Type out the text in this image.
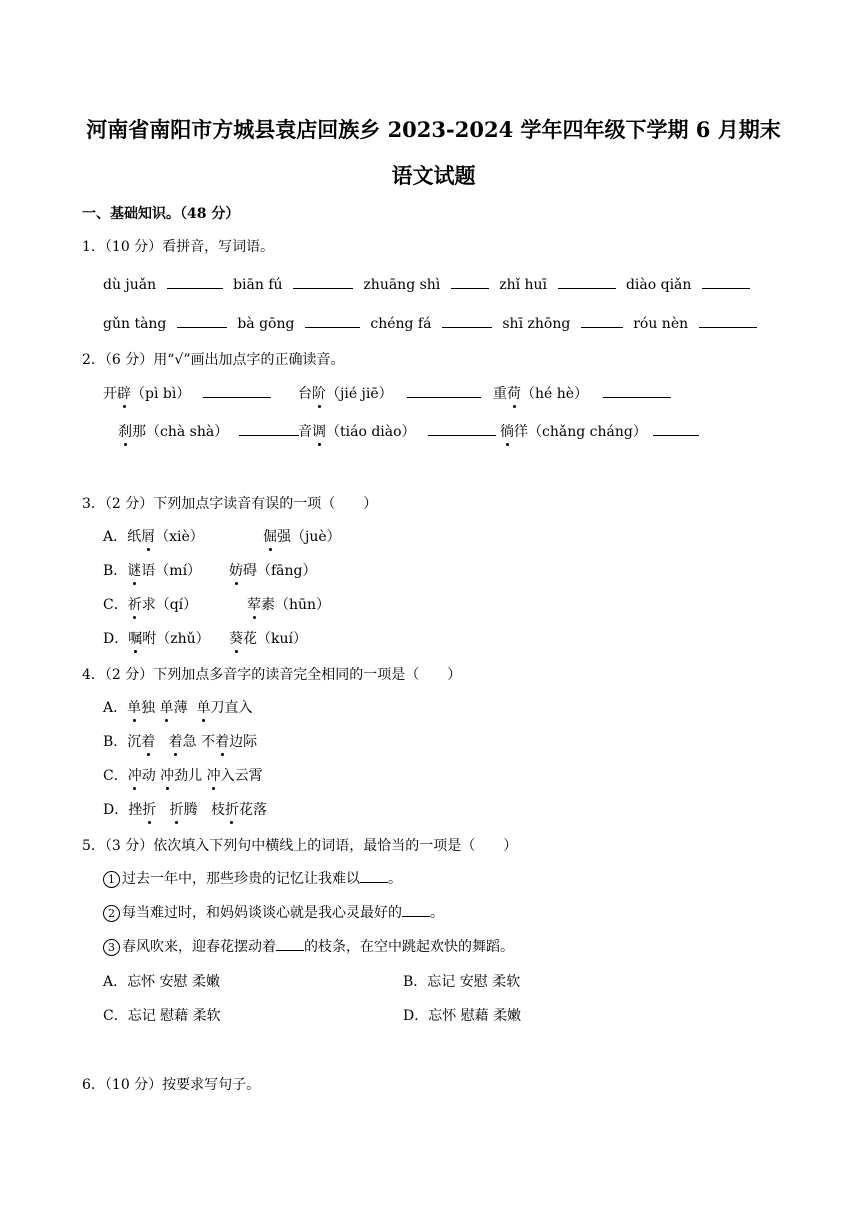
河南省南阳市方城县袁店回族乡 2023-2024 学年四年级下学期 6 月期末
语文试题
一、基础知识。（48 分）
1．（10 分）看拼音，写词语。
dù juǎn	biān fú	zhuāng shì	zhǐ huī	diào qiǎn
gǔn tàng	bà gōng	chéng fá	shī zhōng	róu nèn
2．（6 分）用“√”画出加点字的正确读音。
开辟（pì bì）	台阶（jié jiē）	重荷（hé hè）
刹那（chà shà）	音调（tiáo diào）	徜徉（chǎng cháng）
3．（2 分）下列加点字读音有误的一项（　　）
A．纸屑（xiè）	倔强（juè）
B．谜语（mí） 妨碍（fāng）
C．祈求（qí）	荤素（hūn）
D．嘱咐（zhǔ） 葵花（kuí）
4．（2 分）下列加点多音字的读音完全相同的一项是（　　）
A．单独 单薄 单刀直入
B．沉着 着急 不着边际
C．冲动 冲劲儿 冲入云霄
D．挫折 折腾 枝折花落
5．（3 分）依次填入下列句中横线上的词语，最恰当的一项是（　　）
1 过去一年中，那些珍贵的记忆让我难以 。
2 每当难过时，和妈妈谈谈心就是我心灵最好的 。
3 春风吹来，迎春花摆动着 的枝条，在空中跳起欢快的舞蹈。
A．忘怀 安慰 柔嫩	B．忘记 安慰 柔软
C．忘记 慰藉 柔软	D．忘怀 慰藉 柔嫩
6．（10 分）按要求写句子。
